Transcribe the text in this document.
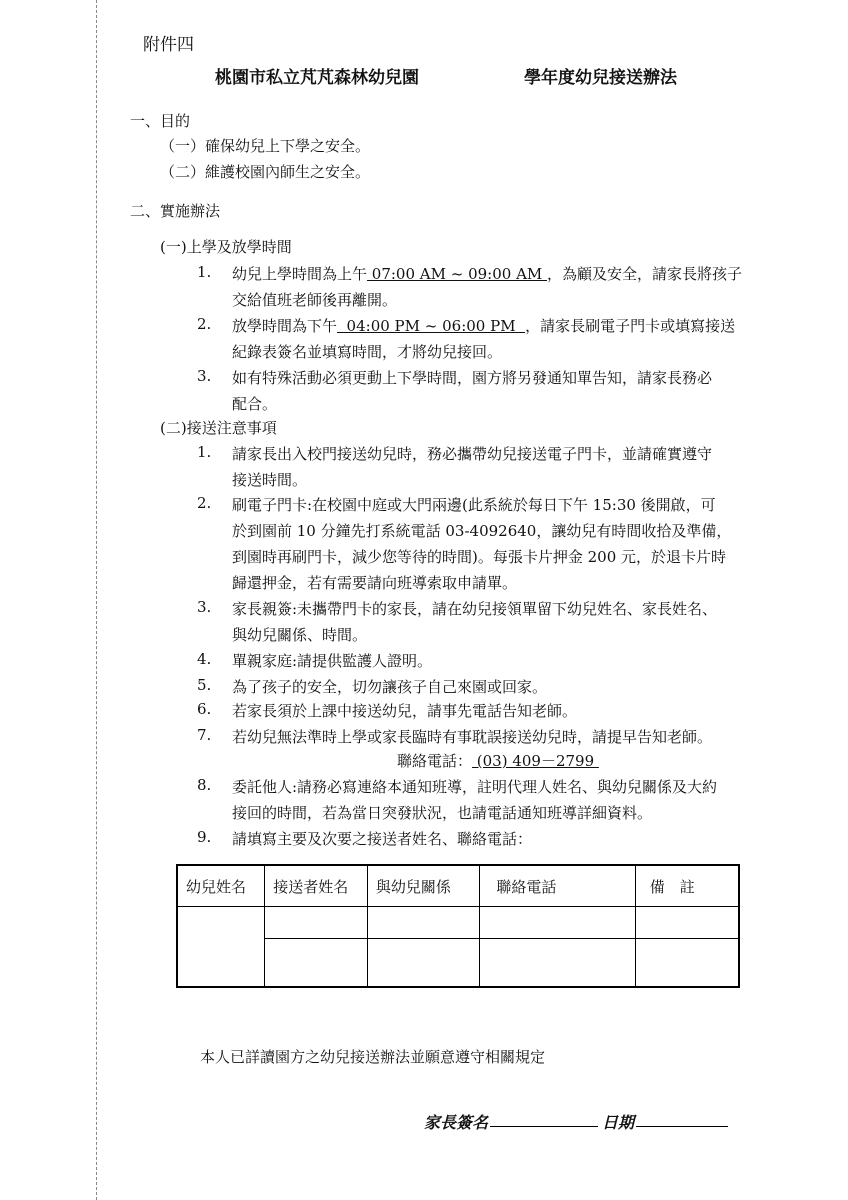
附件四
桃園市私立芃芃森林幼兒園	學年度幼兒接送辦法
一、目的
（一）確保幼兒上下學之安全。
（二）維護校園內師生之安全。
二、實施辦法
(一)上學及放學時間
1. 幼兒上學時間為上午 07:00 AM ~ 09:00 AM ，為顧及安全，請家長將孩子
交給值班老師後再離開。
2. 放學時間為下午  04:00 PM ~ 06:00 PM  ，請家長刷電子門卡或填寫接送
紀錄表簽名並填寫時間，才將幼兒接回。
3. 如有特殊活動必須更動上下學時間，園方將另發通知單告知，請家長務必
配合。
(二)接送注意事項
1. 請家長出入校門接送幼兒時，務必攜帶幼兒接送電子門卡，並請確實遵守
接送時間。
2. 刷電子門卡:在校園中庭或大門兩邊(此系統於每日下午 15:30 後開啟，可
於到園前 10 分鐘先打系統電話 03-4092640，讓幼兒有時間收拾及準備，
到園時再刷門卡，減少您等待的時間)。每張卡片押金 200 元，於退卡片時
歸還押金，若有需要請向班導索取申請單。
3. 家長親簽:未攜帶門卡的家長，請在幼兒接領單留下幼兒姓名、家長姓名、
與幼兒關係、時間。
4. 單親家庭:請提供監護人證明。
5. 為了孩子的安全，切勿讓孩子自己來園或回家。
6. 若家長須於上課中接送幼兒，請事先電話告知老師。
7. 若幼兒無法準時上學或家長臨時有事耽誤接送幼兒時，請提早告知老師。
聯絡電話： (03) 409－2799
8. 委託他人:請務必寫連絡本通知班導，註明代理人姓名、與幼兒關係及大約
接回的時間，若為當日突發狀況，也請電話通知班導詳細資料。
9. 請填寫主要及次要之接送者姓名、聯絡電話：
幼兒姓名	接送者姓名	與幼兒關係	聯絡電話	備　註

本人已詳讀園方之幼兒接送辦法並願意遵守相關規定
家長簽名	日期
